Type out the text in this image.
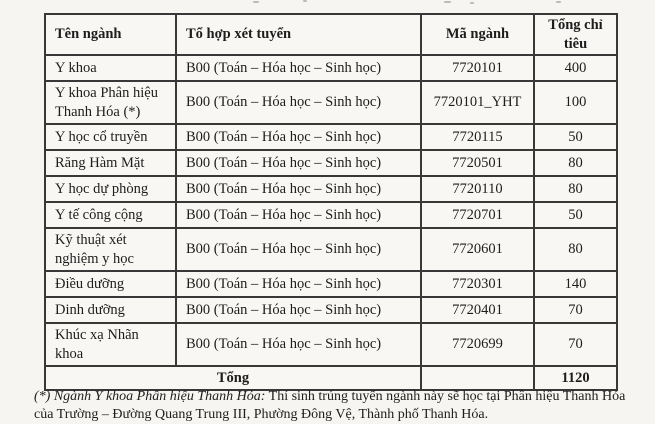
Tên ngành	Tổ hợp xét tuyển	Mã ngành	Tổng chỉ tiêu
Y khoa	B00 (Toán – Hóa học – Sinh học)	7720101	400
Y khoa Phân hiệu Thanh Hóa (*)	B00 (Toán – Hóa học – Sinh học)	7720101_YHT	100
Y học cổ truyền	B00 (Toán – Hóa học – Sinh học)	7720115	50
Răng Hàm Mặt	B00 (Toán – Hóa học – Sinh học)	7720501	80
Y học dự phòng	B00 (Toán – Hóa học – Sinh học)	7720110	80
Y tế công cộng	B00 (Toán – Hóa học – Sinh học)	7720701	50
Kỹ thuật xét nghiệm y học	B00 (Toán – Hóa học – Sinh học)	7720601	80
Điều dưỡng	B00 (Toán – Hóa học – Sinh học)	7720301	140
Dinh dưỡng	B00 (Toán – Hóa học – Sinh học)	7720401	70
Khúc xạ Nhãn khoa	B00 (Toán – Hóa học – Sinh học)	7720699	70
Tổng			1120

(*) Ngành Y khoa Phân hiệu Thanh Hóa: Thí sinh trúng tuyển ngành này sẽ học tại Phân hiệu Thanh Hóa của Trường – Đường Quang Trung III, Phường Đông Vệ, Thành phố Thanh Hóa.
